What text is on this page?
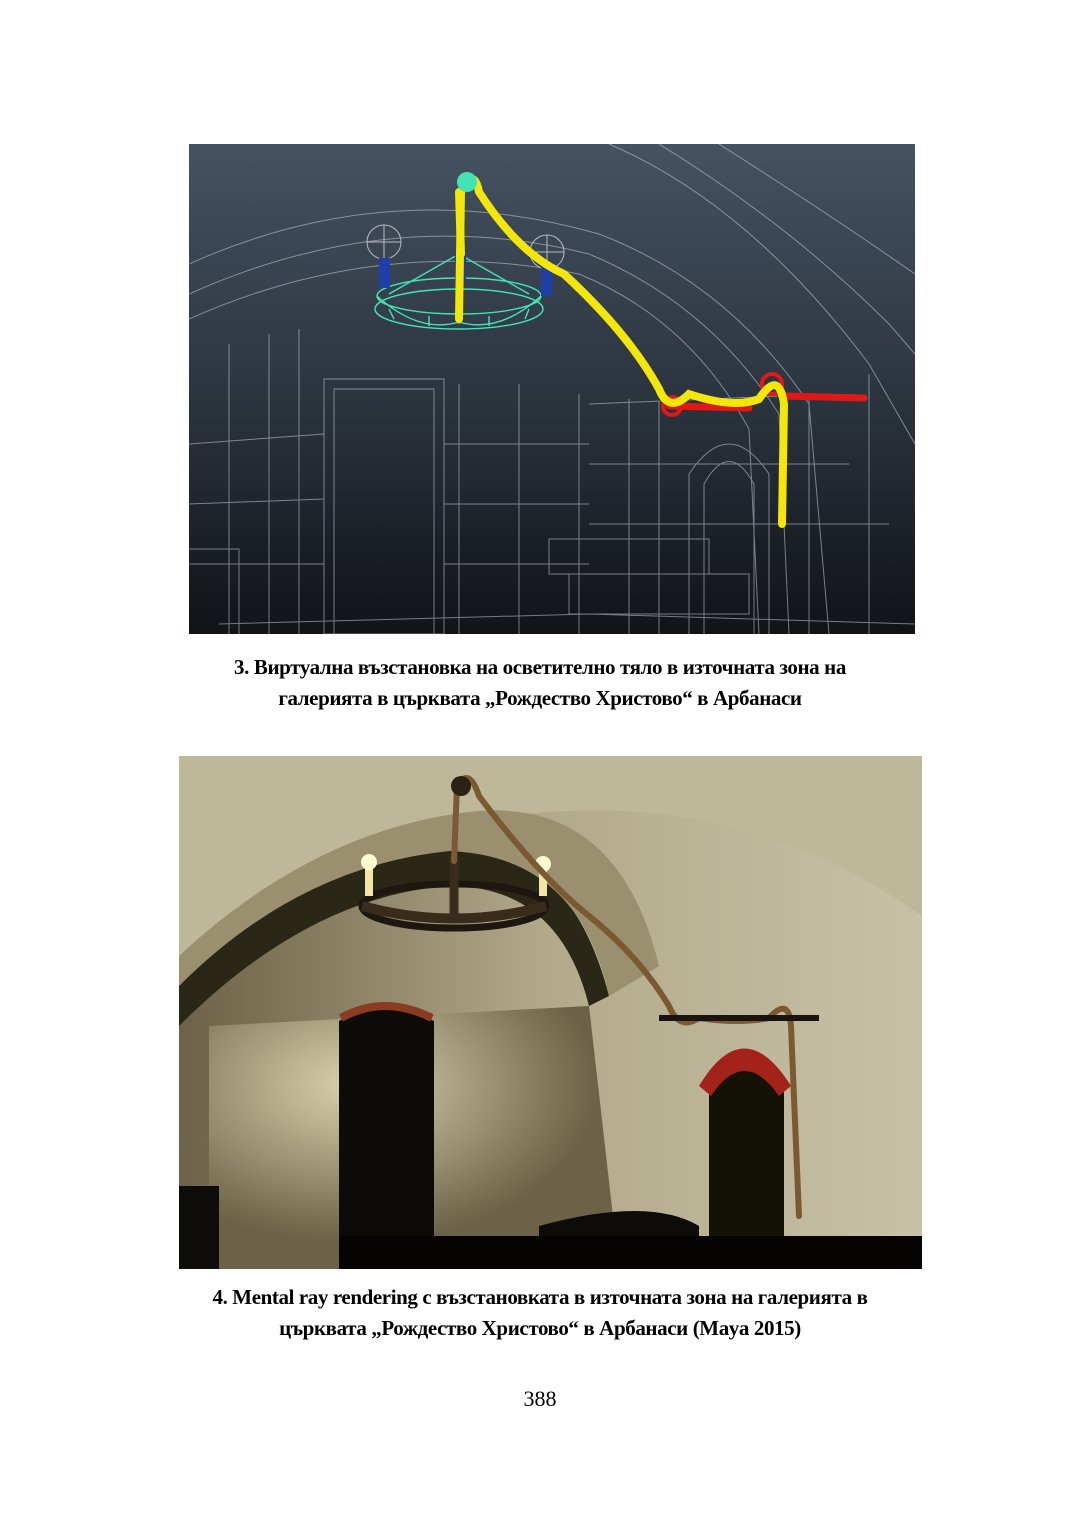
3. Виртуална възстановка на осветително тяло в източната зона на
галерията в църквата „Рождество Христово“ в Арбанаси
4. Mental ray rendering с възстановката в източната зона на галерията в
църквата „Рождество Христово“ в Арбанаси (Maya 2015)
388
